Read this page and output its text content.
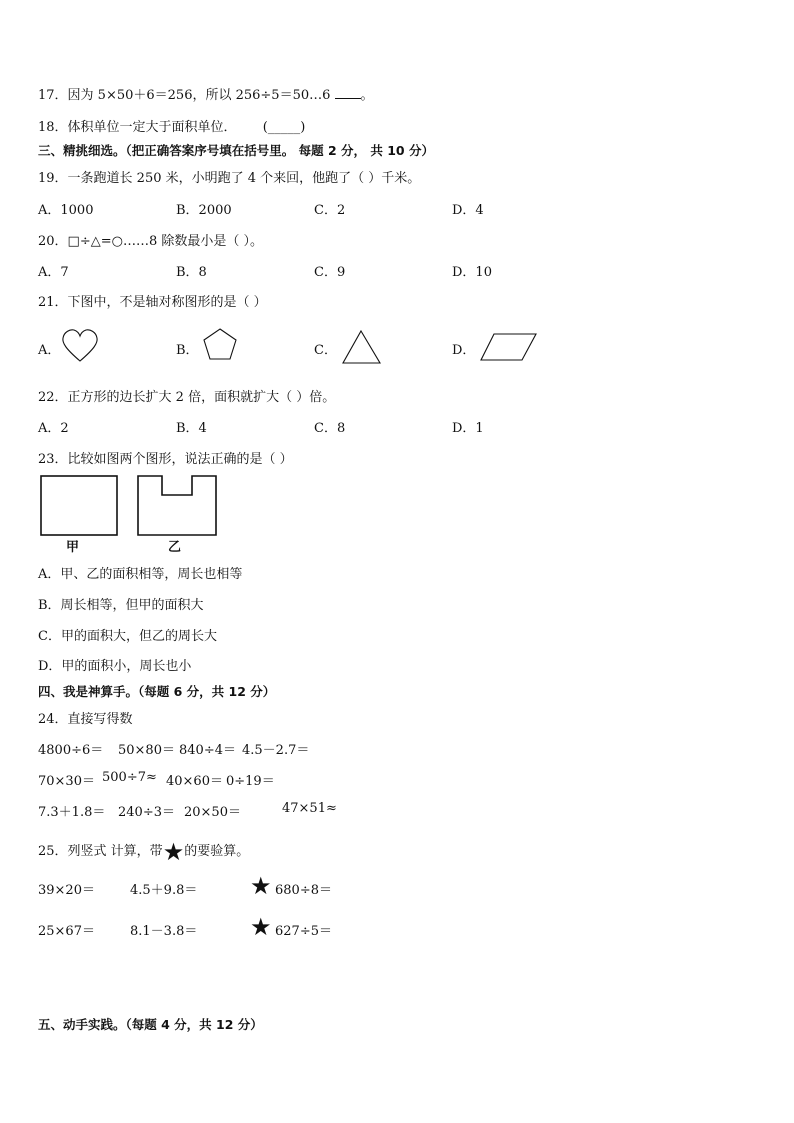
17．因为 5×50＋6＝256，所以 256÷5＝50…6 。
18．体积单位一定大于面积单位． (_____)
三、精挑细选。（把正确答案序号填在括号里。 每题 2 分， 共 10 分）
19．一条跑道长 250 米，小明跑了 4 个来回，他跑了（ ）千米。
A．1000	B．2000	C．2	D．4
20．□÷△=○……8 除数最小是（ ）。
A．7	B．8	C．9	D．10
21．下图中，不是轴对称图形的是（ ）
A．	B．	C．	D．
22．正方形的边长扩大 2 倍，面积就扩大（ ）倍。
A．2	B．4	C．8	D．1
23．比较如图两个图形，说法正确的是（ ）
甲	乙
A．甲、乙的面积相等，周长也相等
B．周长相等，但甲的面积大
C．甲的面积大，但乙的周长大
D．甲的面积小，周长也小
四、我是神算手。（每题 6 分，共 12 分）
24．直接写得数
4800÷6＝ 50×80＝ 840÷4＝ 4.5－2.7＝
70×30＝ 500÷7≈ 40×60＝ 0÷19＝
7.3＋1.8＝ 240÷3＝ 20×50＝	47×51≈
25．列竖式 计算，带★的要验算。
39×20＝	4.5＋9.8＝ ★ 680÷8＝
25×67＝	8.1－3.8＝ ★ 627÷5＝
五、动手实践。（每题 4 分，共 12 分）
